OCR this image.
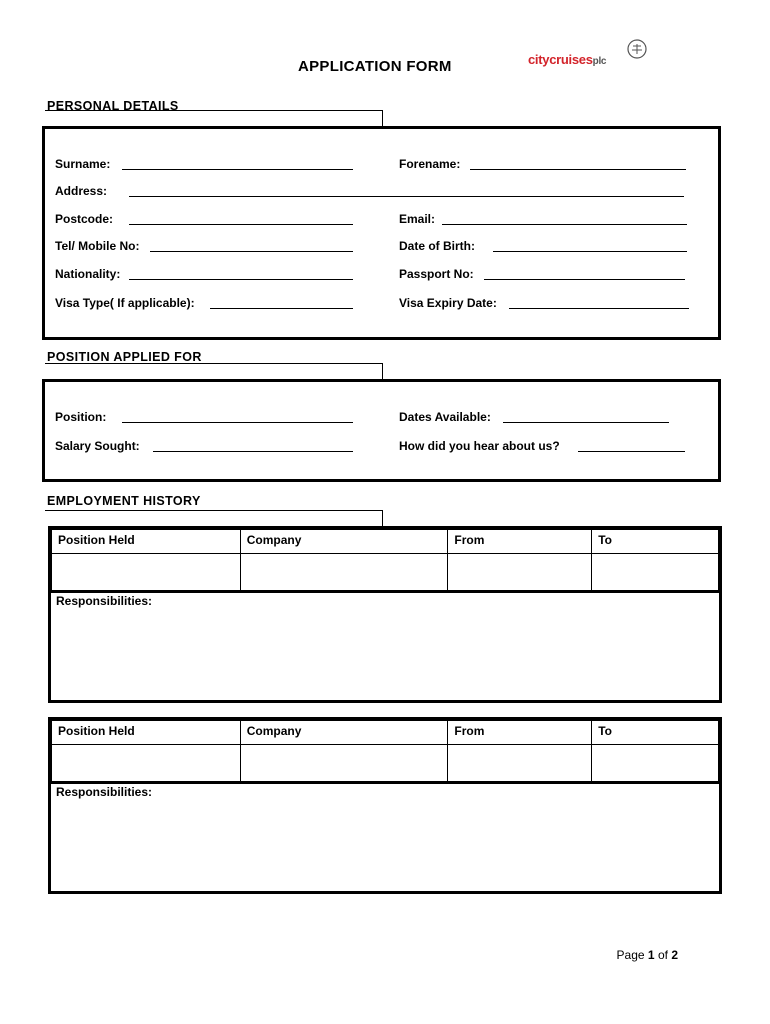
APPLICATION FORM	citycruisesplc
PERSONAL DETAILS
Surname:	Forename:
Address:
Postcode:	Email:
Tel/ Mobile No:	Date of Birth:
Nationality:	Passport No:
Visa Type( If applicable):	Visa Expiry Date:
POSITION APPLIED FOR
Position:	Dates Available:
Salary Sought:	How did you hear about us?
EMPLOYMENT HISTORY
Position Held	Company	From	To

Responsibilities:
Position Held	Company	From	To

Responsibilities:
Page 1 of 2
